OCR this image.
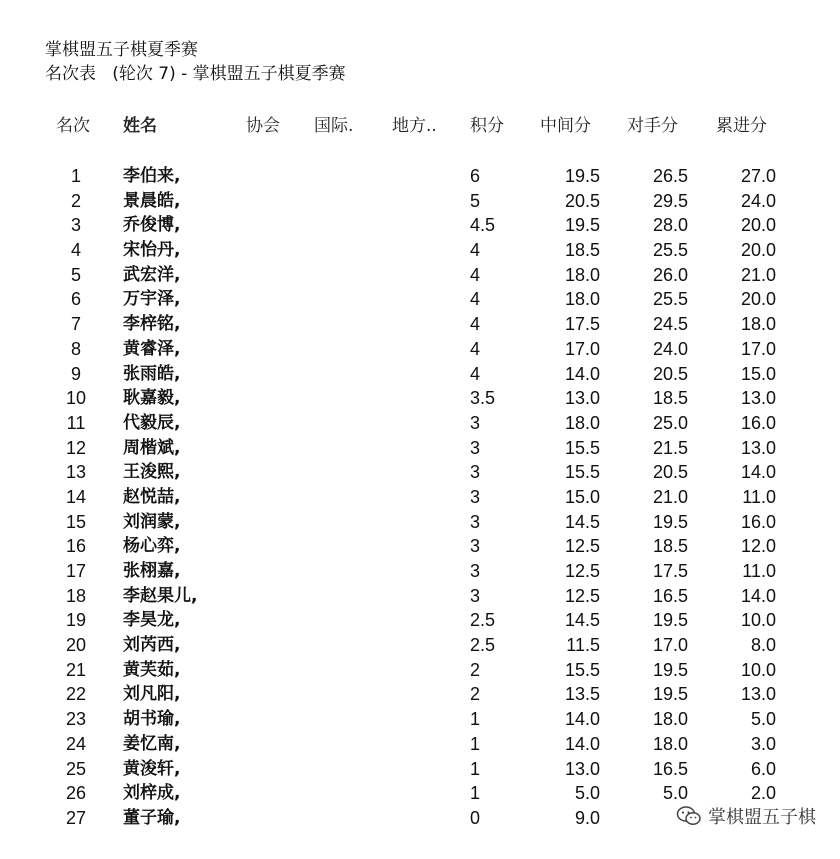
掌棋盟五子棋夏季赛
名次表   (轮次 7) - 掌棋盟五子棋夏季赛
名次 姓名	协会 国际. 地方.. 积分 中间分 对手分 累进分
1	李伯来,	6	19.5	26.5	27.0
2	景晨皓,	5	20.5	29.5	24.0
3	乔俊博,	4.5	19.5	28.0	20.0
4	宋怡丹,	4	18.5	25.5	20.0
5	武宏洋,	4	18.0	26.0	21.0
6	万宇泽,	4	18.0	25.5	20.0
7	李梓铭,	4	17.5	24.5	18.0
8	黄睿泽,	4	17.0	24.0	17.0
9	张雨皓,	4	14.0	20.5	15.0
10	耿嘉毅,	3.5	13.0	18.5	13.0
11	代毅辰,	3	18.0	25.0	16.0
12	周楷斌,	3	15.5	21.5	13.0
13	王浚熙,	3	15.5	20.5	14.0
14	赵悦喆,	3	15.0	21.0	11.0
15	刘润蒙,	3	14.5	19.5	16.0
16	杨心弈,	3	12.5	18.5	12.0
17	张栩嘉,	3	12.5	17.5	11.0
18	李赵果儿,	3	12.5	16.5	14.0
19	李昊龙,	2.5	14.5	19.5	10.0
20	刘芮西,	2.5	11.5	17.0	8.0
21	黄芙茹,	2	15.5	19.5	10.0
22	刘凡阳,	2	13.5	19.5	13.0
23	胡书瑜,	1	14.0	18.0	5.0
24	姜忆南,	1	14.0	18.0	3.0
25	黄浚轩,	1	13.0	16.5	6.0
26	刘梓成,	1	5.0	5.0	2.0
27	董子瑜,	0	9.0	掌棋盟五子棋
